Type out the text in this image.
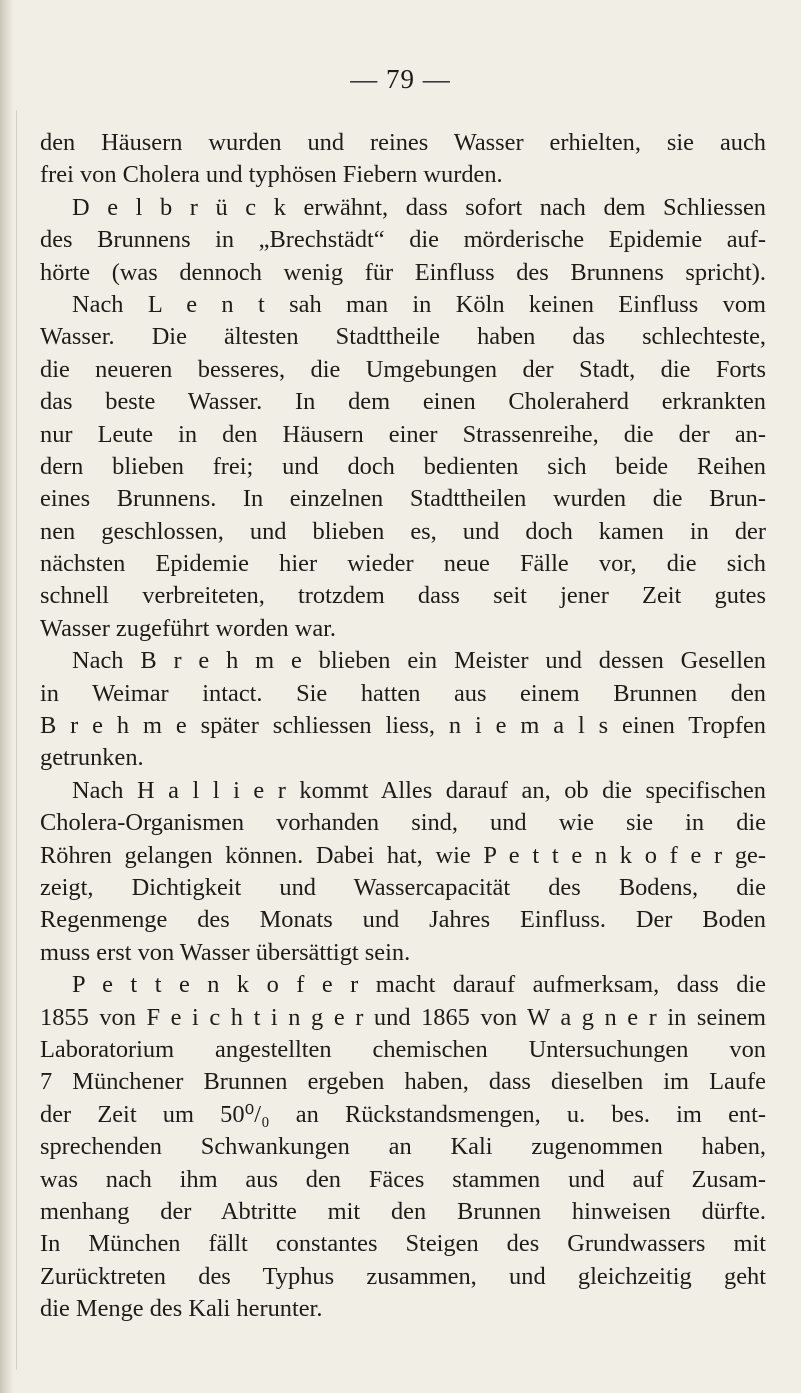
— 79 —
den Häusern wurden und reines Wasser erhielten, sie auch
frei von Cholera und typhösen Fiebern wurden.
D e l b r ü c k erwähnt, dass sofort nach dem Schliessen
des Brunnens in „Brechstädt“ die mörderische Epidemie auf-
hörte (was dennoch wenig für Einfluss des Brunnens spricht).
Nach L e n t sah man in Köln keinen Einfluss vom
Wasser. Die ältesten Stadttheile haben das schlechteste,
die neueren besseres, die Umgebungen der Stadt, die Forts
das beste Wasser. In dem einen Choleraherd erkrankten
nur Leute in den Häusern einer Strassenreihe, die der an-
dern blieben frei; und doch bedienten sich beide Reihen
eines Brunnens. In einzelnen Stadttheilen wurden die Brun-
nen geschlossen, und blieben es, und doch kamen in der
nächsten Epidemie hier wieder neue Fälle vor, die sich
schnell verbreiteten, trotzdem dass seit jener Zeit gutes
Wasser zugeführt worden war.
Nach B r e h m e blieben ein Meister und dessen Gesellen
in Weimar intact. Sie hatten aus einem Brunnen den
B r e h m e später schliessen liess, n i e m a l s einen Tropfen
getrunken.
Nach H a l l i e r kommt Alles darauf an, ob die specifischen
Cholera-Organismen vorhanden sind, und wie sie in die
Röhren gelangen können. Dabei hat, wie P e t t e n k o f e r ge-
zeigt, Dichtigkeit und Wassercapacität des Bodens, die
Regenmenge des Monats und Jahres Einfluss. Der Boden
muss erst von Wasser übersättigt sein.
P e t t e n k o f e r macht darauf aufmerksam, dass die
1855 von F e i c h t i n g e r und 1865 von W a g n e r in seinem
Laboratorium angestellten chemischen Untersuchungen von
7 Münchener Brunnen ergeben haben, dass dieselben im Laufe
der Zeit um 50⁰/₀ an Rückstandsmengen, u. bes. im ent-
sprechenden Schwankungen an Kali zugenommen haben,
was nach ihm aus den Fäces stammen und auf Zusam-
menhang der Abtritte mit den Brunnen hinweisen dürfte.
In München fällt constantes Steigen des Grundwassers mit
Zurücktreten des Typhus zusammen, und gleichzeitig geht
die Menge des Kali herunter.
